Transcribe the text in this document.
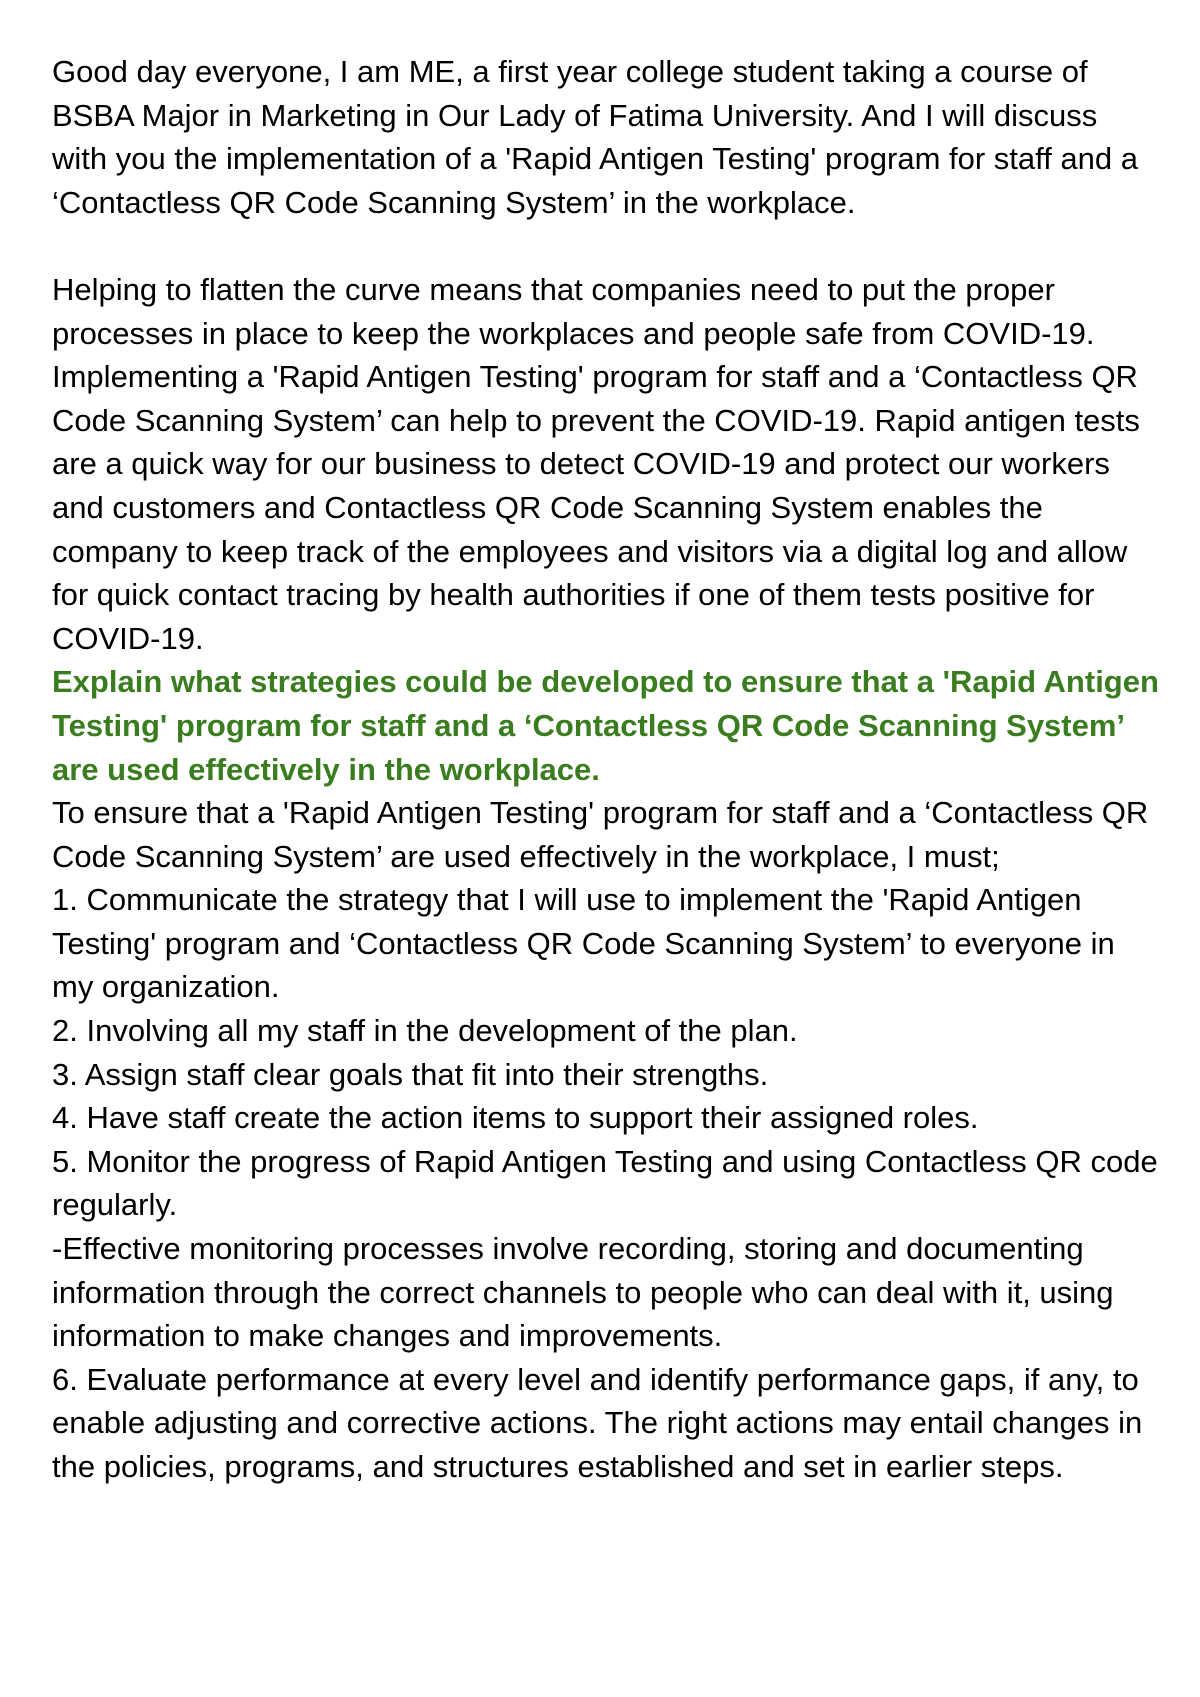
Good day everyone, I am ME, a first year college student taking a course of BSBA Major in Marketing in Our Lady of Fatima University. And I will discuss with you the implementation of a 'Rapid Antigen Testing' program for staff and a ‘Contactless QR Code Scanning System’ in the workplace.

Helping to flatten the curve means that companies need to put the proper processes in place to keep the workplaces and people safe from COVID-19. Implementing a 'Rapid Antigen Testing' program for staff and a ‘Contactless QR Code Scanning System’ can help to prevent the COVID-19. Rapid antigen tests are a quick way for our business to detect COVID-19 and protect our workers and customers and Contactless QR Code Scanning System enables the company to keep track of the employees and visitors via a digital log and allow for quick contact tracing by health authorities if one of them tests positive for COVID-19.

Explain what strategies could be developed to ensure that a 'Rapid Antigen Testing' program for staff and a ‘Contactless QR Code Scanning System’ are used effectively in the workplace.

To ensure that a 'Rapid Antigen Testing' program for staff and a ‘Contactless QR Code Scanning System’ are used effectively in the workplace, I must;

1. Communicate the strategy that I will use to implement the 'Rapid Antigen Testing' program and ‘Contactless QR Code Scanning System’ to everyone in my organization.

2. Involving all my staff in the development of the plan.

3. Assign staff clear goals that fit into their strengths.

4. Have staff create the action items to support their assigned roles.

5. Monitor the progress of Rapid Antigen Testing and using Contactless QR code regularly.

-Effective monitoring processes involve recording, storing and documenting information through the correct channels to people who can deal with it, using information to make changes and improvements.

6. Evaluate performance at every level and identify performance gaps, if any, to enable adjusting and corrective actions. The right actions may entail changes in the policies, programs, and structures established and set in earlier steps.
